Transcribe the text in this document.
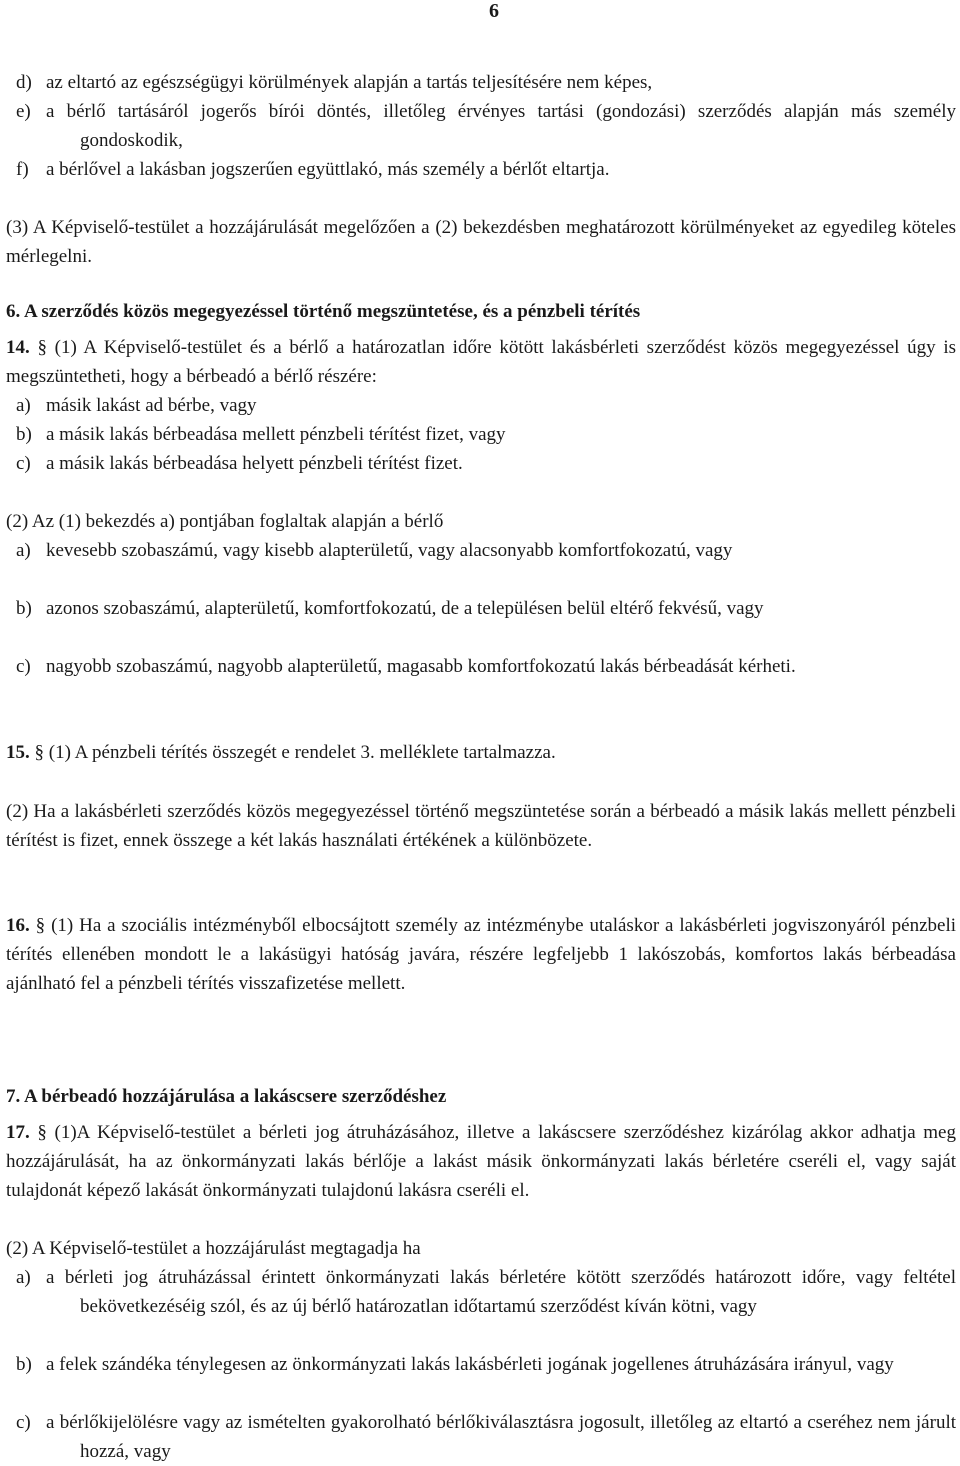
6

d) az eltartó az egészségügyi körülmények alapján a tartás teljesítésére nem képes,

e) a bérlő tartásáról jogerős bírói döntés, illetőleg érvényes tartási (gondozási) szerződés alapján más személy gondoskodik,

f) a bérlővel a lakásban jogszerűen együttlakó, más személy a bérlőt eltartja.

(3) A Képviselő-testület a hozzájárulását megelőzően a (2) bekezdésben meghatározott körülményeket az egyedileg köteles mérlegelni.

6. A szerződés közös megegyezéssel történő megszüntetése, és a pénzbeli térítés

14. § (1) A Képviselő-testület és a bérlő a határozatlan időre kötött lakásbérleti szerződést közös megegyezéssel úgy is megszüntetheti, hogy a bérbeadó a bérlő részére:

a) másik lakást ad bérbe, vagy

b) a másik lakás bérbeadása mellett pénzbeli térítést fizet, vagy

c) a másik lakás bérbeadása helyett pénzbeli térítést fizet.

(2) Az (1) bekezdés a) pontjában foglaltak alapján a bérlő

a) kevesebb szobaszámú, vagy kisebb alapterületű, vagy alacsonyabb komfortfokozatú, vagy

b) azonos szobaszámú, alapterületű, komfortfokozatú, de a településen belül eltérő fekvésű, vagy

c) nagyobb szobaszámú, nagyobb alapterületű, magasabb komfortfokozatú lakás bérbeadását kérheti.

15. § (1) A pénzbeli térítés összegét e rendelet 3. melléklete tartalmazza.

(2) Ha a lakásbérleti szerződés közös megegyezéssel történő megszüntetése során a bérbeadó a másik lakás mellett pénzbeli térítést is fizet, ennek összege a két lakás használati értékének a különbözete.

16. § (1) Ha a szociális intézményből elbocsájtott személy az intézménybe utaláskor a lakásbérleti jogviszonyáról pénzbeli térítés ellenében mondott le a lakásügyi hatóság javára, részére legfeljebb 1 lakószobás, komfortos lakás bérbeadása ajánlható fel a pénzbeli térítés visszafizetése mellett.

7. A bérbeadó hozzájárulása a lakáscsere szerződéshez

17. § (1)A Képviselő-testület a bérleti jog átruházásához, illetve a lakáscsere szerződéshez kizárólag akkor adhatja meg hozzájárulását, ha az önkormányzati lakás bérlője a lakást másik önkormányzati lakás bérletére cseréli el, vagy saját tulajdonát képező lakását önkormányzati tulajdonú lakásra cseréli el.

(2) A Képviselő-testület a hozzájárulást megtagadja ha

a) a bérleti jog átruházással érintett önkormányzati lakás bérletére kötött szerződés határozott időre, vagy feltétel bekövetkezéséig szól, és az új bérlő határozatlan időtartamú szerződést kíván kötni, vagy

b) a felek szándéka ténylegesen az önkormányzati lakás lakásbérleti jogának jogellenes átruházására irányul, vagy

c) a bérlőkijelölésre vagy az ismételten gyakorolható bérlőkiválasztásra jogosult, illetőleg az eltartó a cseréhez nem járult hozzá, vagy
